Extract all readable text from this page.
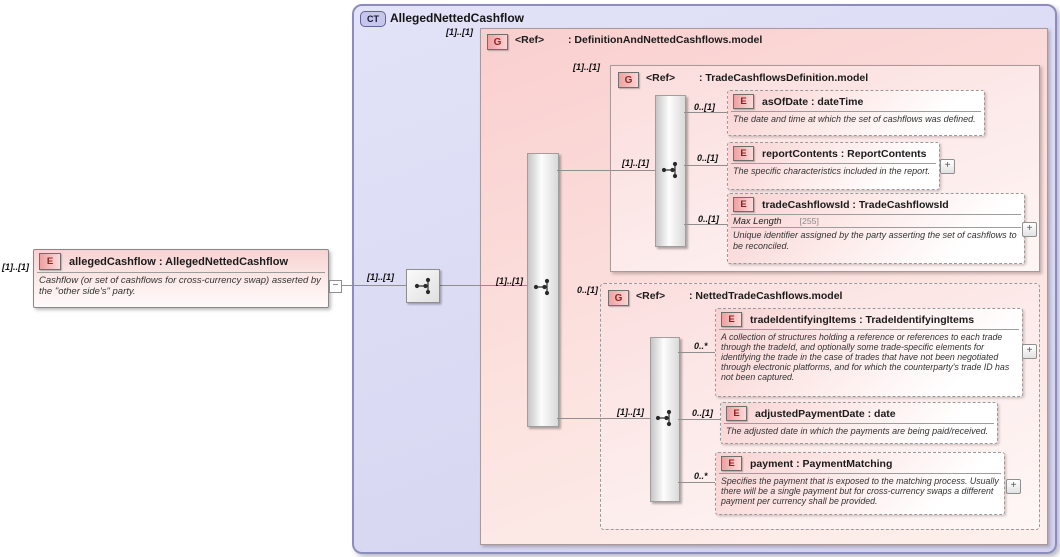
CT AllegedNettedCashflow
G	<Ref>	: DefinitionAndNettedCashflows.model
[1]..[1]	E	allegedCashflow : AllegedNettedCashflow
Cashflow (or set of cashflows for cross-currency swap) asserted by the "other side's" party.
−
[1]..[1]
[1]..[1]
[1]..[1]
[1]..[1]
G	<Ref>	: TradeCashflowsDefinition.model
[1]..[1]
0..[1]	E	asOfDate : dateTime
The date and time at which the set of cashflows was defined.
0..[1]	E	reportContents : ReportContents
The specific characteristics included in the report.	+
0..[1]
E	tradeCashflowsId : TradeCashflowsId
Max Length [255]
Unique identifier assigned by the party asserting the set of cashflows to be reconciled.
+
0..[1]
G	<Ref>	: NettedTradeCashflows.model
[1]..[1]
0..*
E	tradeIdentifyingItems : TradeIdentifyingItems
A collection of structures holding a reference or references to each trade through the tradeId, and optionally some trade-specific elements for identifying the trade in the case of trades that have not been negotiated through electronic platforms, and for which the counterparty's trade ID has not been captured.
+
0..[1]	E	adjustedPaymentDate : date
The adjusted date in which the payments are being paid/received.
0..*
E	payment : PaymentMatching
Specifies the payment that is exposed to the matching process. Usually there will be a single payment but for cross-currency swaps a different payment per currency shall be provided.
+
